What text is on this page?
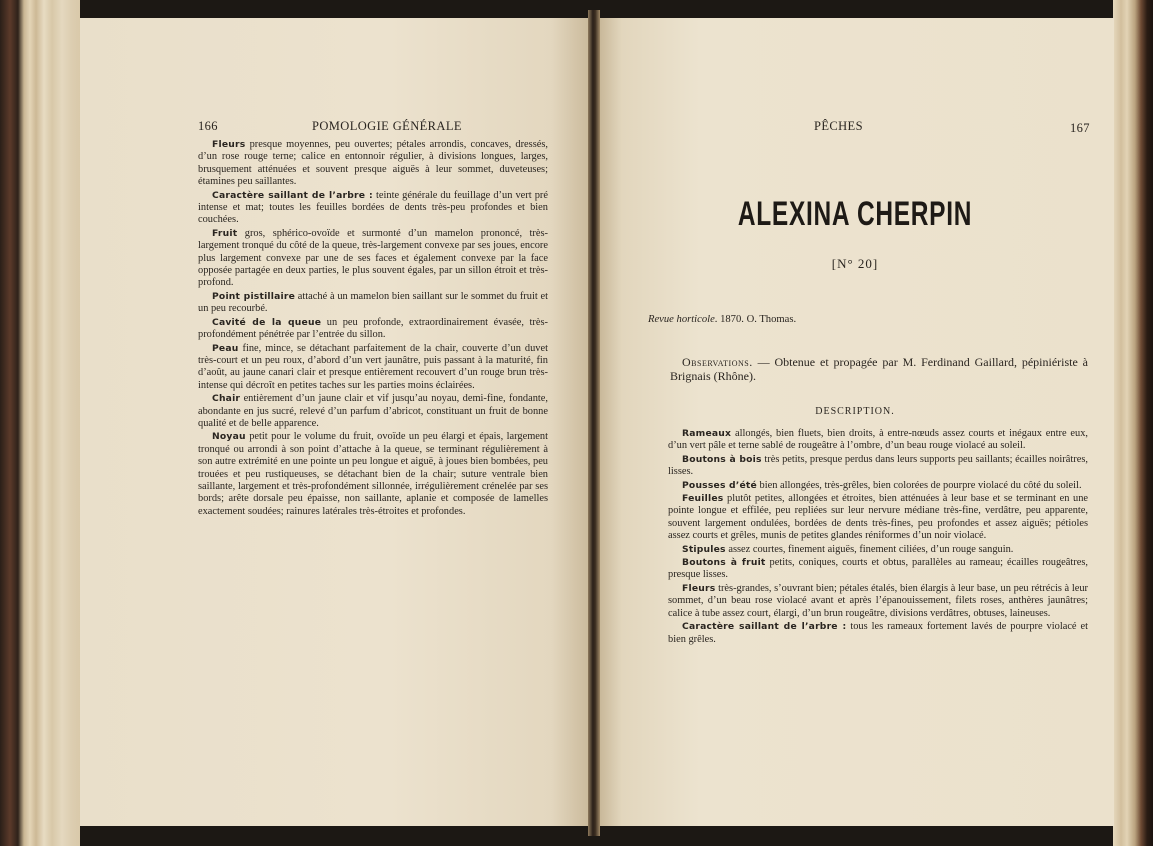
166	POMOLOGIE GÉNÉRALE

Fleurs presque moyennes, peu ouvertes; pétales arrondis, concaves, dressés, d’un rose rouge terne; calice en entonnoir régulier, à divisions longues, larges, brusquement atténuées et souvent presque aiguës à leur sommet, duveteuses; étamines peu saillantes.

Caractère saillant de l’arbre : teinte générale du feuillage d’un vert pré intense et mat; toutes les feuilles bordées de dents très-peu profondes et bien couchées.

Fruit gros, sphérico-ovoïde et surmonté d’un mamelon prononcé, très-largement tronqué du côté de la queue, très-largement convexe par ses joues, encore plus largement convexe par une de ses faces et également convexe par la face opposée partagée en deux parties, le plus souvent égales, par un sillon étroit et très-profond.

Point pistillaire attaché à un mamelon bien saillant sur le sommet du fruit et un peu recourbé.

Cavité de la queue un peu profonde, extraordinairement évasée, très-profondément pénétrée par l’entrée du sillon.

Peau fine, mince, se détachant parfaitement de la chair, couverte d’un duvet très-court et un peu roux, d’abord d’un vert jaunâtre, puis passant à la maturité, fin d’août, au jaune canari clair et presque entièrement recouvert d’un rouge brun très-intense qui décroît en petites taches sur les parties moins éclairées.

Chair entièrement d’un jaune clair et vif jusqu’au noyau, demi-fine, fondante, abondante en jus sucré, relevé d’un parfum d’abricot, constituant un fruit de bonne qualité et de belle apparence.

Noyau petit pour le volume du fruit, ovoïde un peu élargi et épais, largement tronqué ou arrondi à son point d’attache à la queue, se terminant régulièrement à son autre extrémité en une pointe un peu longue et aiguë, à joues bien bombées, peu trouées et peu rustiqueuses, se détachant bien de la chair; suture ventrale bien saillante, largement et très-profondément sillonnée, irrégulièrement crénelée par ses bords; arête dorsale peu épaisse, non saillante, aplanie et composée de lamelles exactement soudées; rainures latérales très-étroites et profondes.

PÊCHES	167
ALEXINA CHERPIN
[N° 20]
Revue horticole. 1870. O. Thomas.
Observations. — Obtenue et propagée par M. Ferdinand Gaillard, pépiniériste à Brignais (Rhône).
DESCRIPTION.

Rameaux allongés, bien fluets, bien droits, à entre-nœuds assez courts et inégaux entre eux, d’un vert pâle et terne sablé de rougeâtre à l’ombre, d’un beau rouge violacé au soleil.

Boutons à bois très petits, presque perdus dans leurs supports peu saillants; écailles noirâtres, lisses.

Pousses d’été bien allongées, très-grêles, bien colorées de pourpre violacé du côté du soleil.

Feuilles plutôt petites, allongées et étroites, bien atténuées à leur base et se terminant en une pointe longue et effilée, peu repliées sur leur nervure médiane très-fine, verdâtre, peu apparente, souvent largement ondulées, bordées de dents très-fines, peu profondes et assez aiguës; pétioles assez courts et grêles, munis de petites glandes réniformes d’un noir violacé.

Stipules assez courtes, finement aiguës, finement ciliées, d’un rouge sanguin.

Boutons à fruit petits, coniques, courts et obtus, parallèles au rameau; écailles rougeâtres, presque lisses.

Fleurs très-grandes, s’ouvrant bien; pétales étalés, bien élargis à leur base, un peu rétrécis à leur sommet, d’un beau rose violacé avant et après l’épanouissement, filets roses, anthères jaunâtres; calice à tube assez court, élargi, d’un brun rougeâtre, divisions verdâtres, obtuses, laineuses.

Caractère saillant de l’arbre : tous les rameaux fortement lavés de pourpre violacé et bien grêles.
